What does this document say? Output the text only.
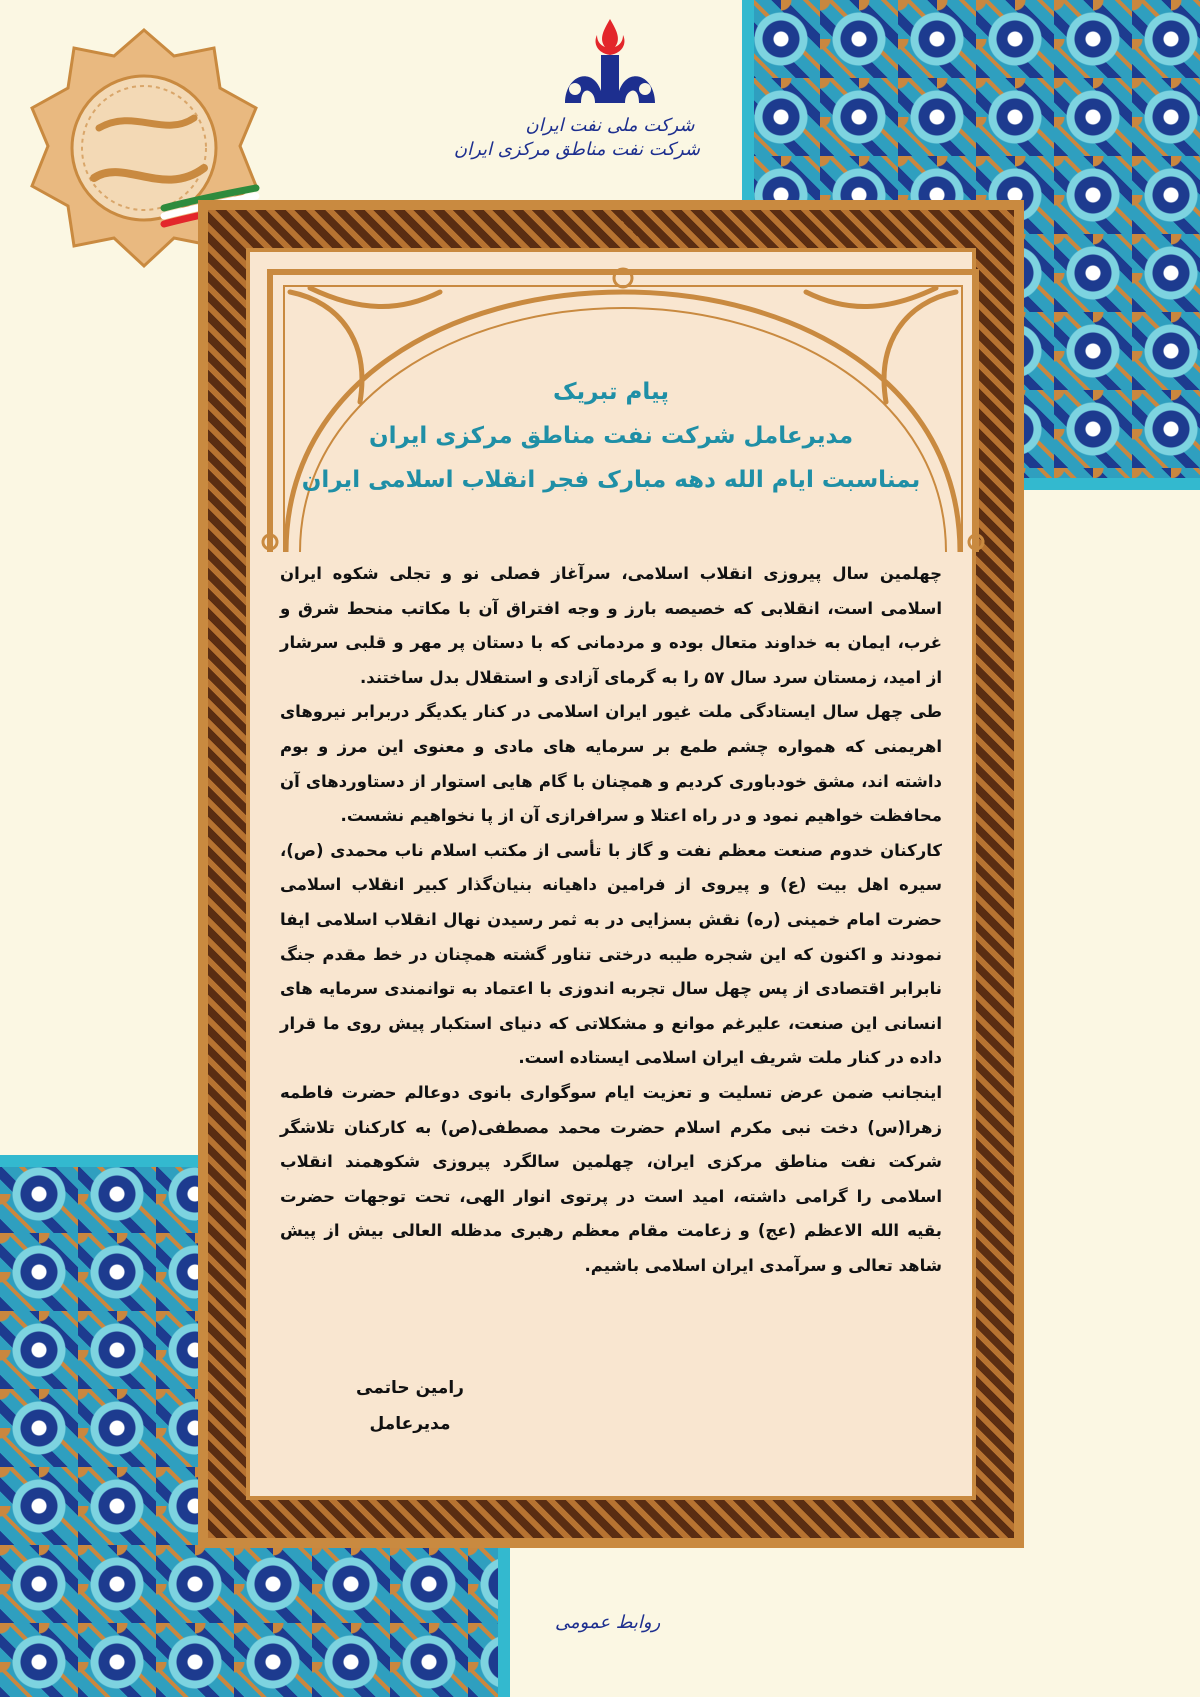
شرکت ملی نفت ایران
شرکت نفت مناطق مرکزی ایران
پیام تبریک
مدیرعامل شرکت نفت مناطق مرکزی ایران
بمناسبت ایام الله دهه مبارک فجر انقلاب اسلامی ایران

چهلمین سال پیروزی انقلاب اسلامی، سرآغاز فصلی نو و تجلی شکوه ایران اسلامی است، انقلابی که خصیصه بارز و وجه افتراق آن با مکاتب منحط شرق و غرب، ایمان به خداوند متعال بوده و مردمانی که با دستان پر مهر و قلبی سرشار از امید، زمستان سرد سال ۵۷ را به گرمای آزادی و استقلال بدل ساختند.

طی چهل سال ایستادگی ملت غیور ایران اسلامی در کنار یکدیگر دربرابر نیروهای اهریمنی که همواره چشم طمع بر سرمایه های مادی و معنوی این مرز و بوم داشته اند، مشق خودباوری کردیم و همچنان با گام هایی استوار از دستاوردهای آن محافظت خواهیم نمود و در راه اعتلا و سرافرازی آن از پا نخواهیم نشست.

کارکنان خدوم صنعت معظم نفت و گاز با تأسی از مکتب اسلام ناب محمدی (ص)، سیره اهل بیت (ع) و پیروی از فرامین داهیانه بنیان‌گذار کبیر انقلاب اسلامی حضرت امام خمینی (ره) نقش بسزایی در به ثمر رسیدن نهال انقلاب اسلامی ایفا نمودند و اکنون که این شجره طیبه درختی تناور گشته همچنان در خط مقدم جنگ نابرابر اقتصادی از پس چهل سال تجربه اندوزی با اعتماد به توانمندی سرمایه های انسانی این صنعت، علیرغم موانع و مشکلاتی که دنیای استکبار پیش روی ما قرار داده در کنار ملت شریف ایران اسلامی ایستاده است.

اینجانب ضمن عرض تسلیت و تعزیت ایام سوگواری بانوی دوعالم حضرت فاطمه زهرا(س) دخت نبی مکرم اسلام حضرت محمد مصطفی(ص) به کارکنان تلاشگر شرکت نفت مناطق مرکزی ایران، چهلمین سالگرد پیروزی شکوهمند انقلاب اسلامی را گرامی داشته، امید است در پرتوی انوار الهی، تحت توجهات حضرت بقیه الله الاعظم (عج) و زعامت مقام معظم رهبری مدظله العالی بیش از پیش شاهد تعالی و سرآمدی ایران اسلامی باشیم.

رامین حاتمی
مدیرعامل
روابط عمومی
